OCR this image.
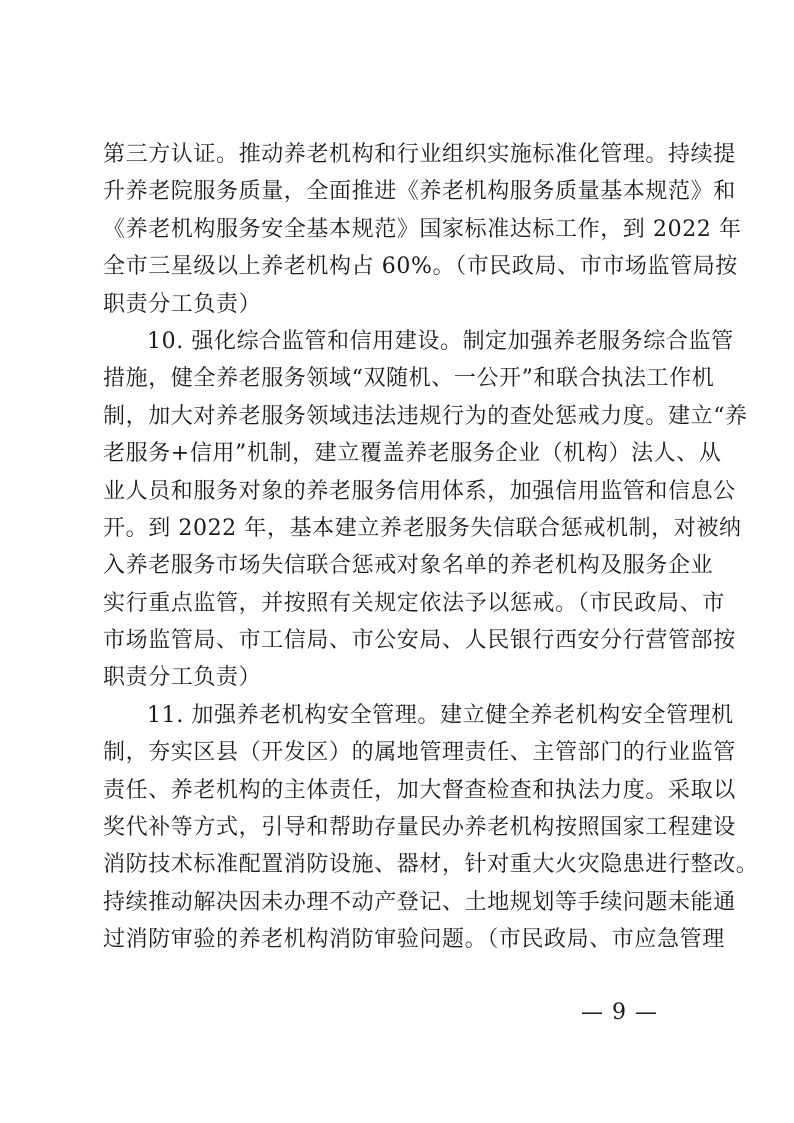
第三方认证。推动养老机构和行业组织实施标准化管理。持续提
升养老院服务质量，全面推进《养老机构服务质量基本规范》和
《养老机构服务安全基本规范》国家标准达标工作，到 2022 年
全市三星级以上养老机构占 60%。（市民政局、市市场监管局按
职责分工负责）
10. 强化综合监管和信用建设。制定加强养老服务综合监管
措施，健全养老服务领域“双随机、一公开”和联合执法工作机
制，加大对养老服务领域违法违规行为的查处惩戒力度。建立“养
老服务+信用”机制，建立覆盖养老服务企业（机构）法人、从
业人员和服务对象的养老服务信用体系，加强信用监管和信息公
开。到 2022 年，基本建立养老服务失信联合惩戒机制，对被纳
入养老服务市场失信联合惩戒对象名单的养老机构及服务企业
实行重点监管，并按照有关规定依法予以惩戒。（市民政局、市
市场监管局、市工信局、市公安局、人民银行西安分行营管部按
职责分工负责）
11. 加强养老机构安全管理。建立健全养老机构安全管理机
制，夯实区县（开发区）的属地管理责任、主管部门的行业监管
责任、养老机构的主体责任，加大督查检查和执法力度。采取以
奖代补等方式，引导和帮助存量民办养老机构按照国家工程建设
消防技术标准配置消防设施、器材，针对重大火灾隐患进行整改。
持续推动解决因未办理不动产登记、土地规划等手续问题未能通
过消防审验的养老机构消防审验问题。（市民政局、市应急管理
— 9 —
